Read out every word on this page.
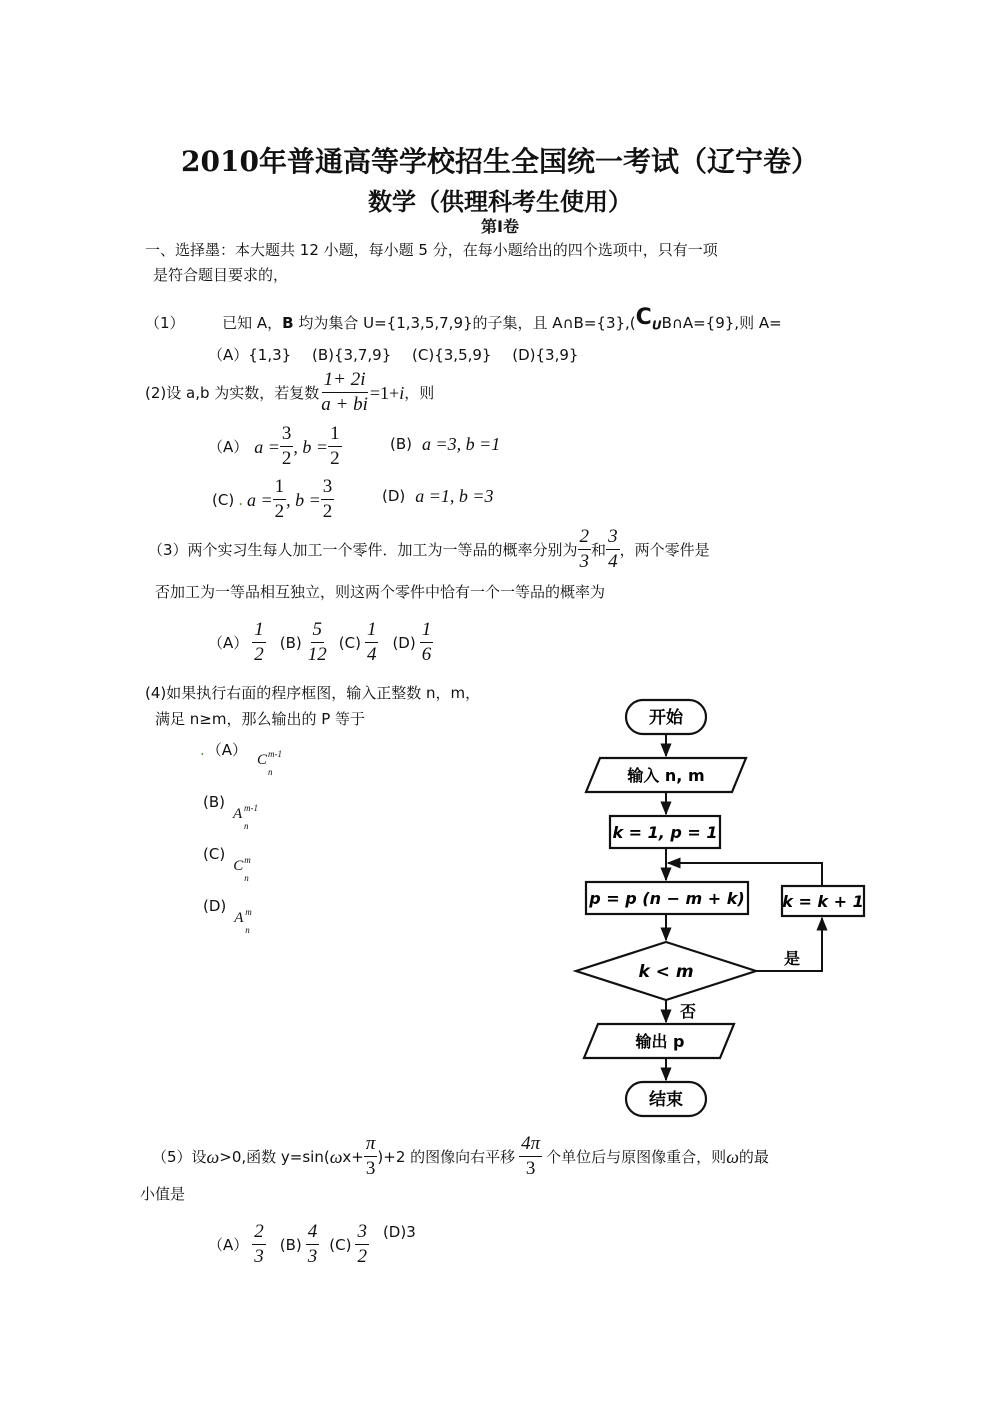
2010年普通高等学校招生全国统一考试（辽宁卷）
数学（供理科考生使用）
第Ⅰ卷
一、选择墨：本大题共 12 小题，每小题 5 分，在每小题给出的四个选项中，只有一项
是符合题目要求的，
（1）	已知 A，B 均为集合 U={1,3,5,7,9}的子集，且 $A\cap B=\{3\},(C_UB\cap A=\{9\}$,则 A=
（A）{1,3} (B){3,7,9} (C){3,5,9} (D){3,9}
(2)设 a,b 为实数，若复数 $\frac{1+ 2i}{a + bi} =1+ i$ ，则
（A） $a = \frac{3}{2}$ , $b = \frac{1}{2}$	(B) a =3, b =1
(C) . $a = \frac{1}{2}$ , $b = \frac{3}{2}$	(D) a =1, b =3
（3）两个实习生每人加工一个零件．加工为一等品的概率分别为 $\frac{2}{3}$ 和 $\frac{3}{4}$ ，两个零件是
否加工为一等品相互独立，则这两个零件中恰有一个一等品的概率为
$(A) \frac{1}{2} (B) \frac{5}{12} (C) \frac{1}{4} (D) \frac{1}{6}$
(4)如果执行右面的程序框图，输入正整数 n，m，
满足 n≥m，那么输出的 P 等于
. （A）
C m-1
n
(B)
A m-1
n
(C)
C m
n
(D)
A m
n
开始
输入 n, m
k = 1, p = 1
p = p (n − m + k)
k < m
是
k = k + 1
否
输出 p
结束
（5）设 ω >0,函数 y=sin( ω $x+ \frac{\pi}{3} )+2$ 的图像向右平移 $\frac{4\pi}{3}$ 个单位后与原图像重合，则 ω 的最
小值是
$(A) \frac{2}{3} (B) \frac{4}{3} (C) \frac{3}{2} (D)3$
